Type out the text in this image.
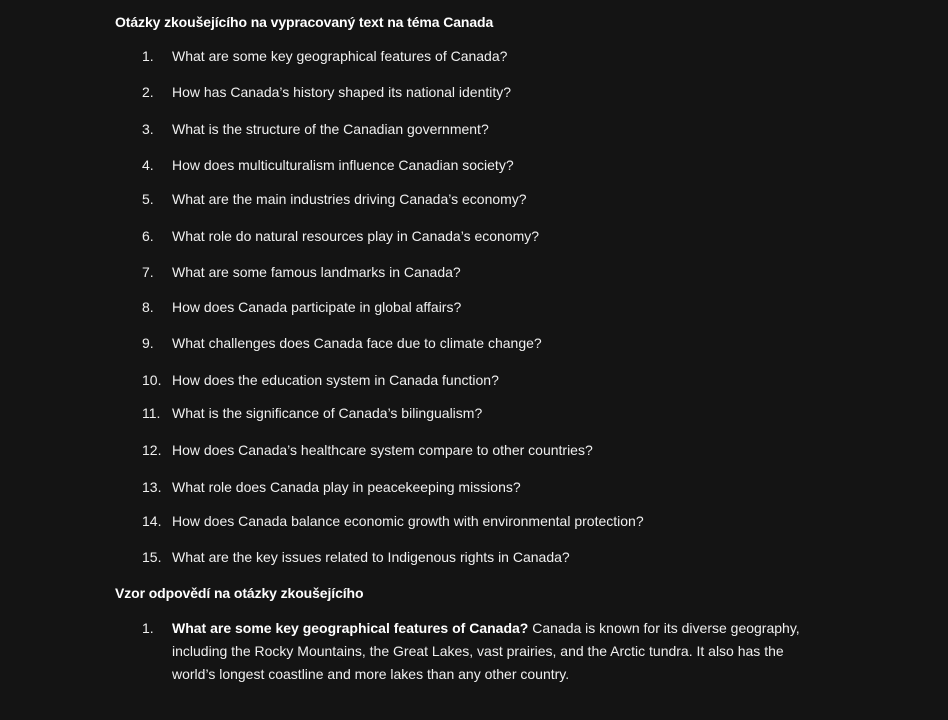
Otázky zkoušejícího na vypracovaný text na téma Canada
1. What are some key geographical features of Canada?
2. How has Canada’s history shaped its national identity?
3. What is the structure of the Canadian government?
4. How does multiculturalism influence Canadian society?
5. What are the main industries driving Canada’s economy?
6. What role do natural resources play in Canada’s economy?
7. What are some famous landmarks in Canada?
8. How does Canada participate in global affairs?
9. What challenges does Canada face due to climate change?
10. How does the education system in Canada function?
11. What is the significance of Canada’s bilingualism?
12. How does Canada’s healthcare system compare to other countries?
13. What role does Canada play in peacekeeping missions?
14. How does Canada balance economic growth with environmental protection?
15. What are the key issues related to Indigenous rights in Canada?
Vzor odpovědí na otázky zkoušejícího
1.	What are some key geographical features of Canada? Canada is known for its diverse geography, including the Rocky Mountains, the Great Lakes, vast prairies, and the Arctic tundra. It also has the world’s longest coastline and more lakes than any other country.
